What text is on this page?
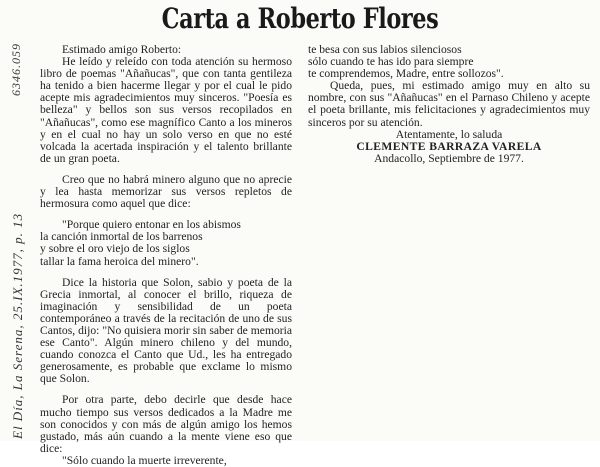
Carta a Roberto Flores
El Día, La Serena, 25.IX.1977, p. 13
6346.059	Estimado amigo Roberto:

He leído y releído con toda atención su hermoso libro de poemas "Añañucas", que con tanta gentileza ha tenido a bien hacerme llegar y por el cual le pido acepte mis agradecimientos muy sinceros. "Poesía es belleza" y bellos son sus versos recopilados en "Añañucas", como ese magnífico Canto a los mineros y en el cual no hay un solo verso en que no esté volcada la acertada inspiración y el talento brillante de un gran poeta.

Creo que no habrá minero alguno que no aprecie y lea hasta memorizar sus versos repletos de hermosura como aquel que dice:

"Porque quiero entonar en los abismos

la canción inmortal de los barrenos

y sobre el oro viejo de los siglos

tallar la fama heroica del minero".

Dice la historia que Solon, sabio y poeta de la Grecia inmortal, al conocer el brillo, riqueza de imaginación y sensibilidad de un poeta contemporáneo a través de la recitación de uno de sus Cantos, dijo: "No quisiera morir sin saber de memoria ese Canto". Algún minero chileno y del mundo, cuando conozca el Canto que Ud., les ha entregado generosamente, es probable que exclame lo mismo que Solon.

Por otra parte, debo decirle que desde hace mucho tiempo sus versos dedicados a la Madre me son conocidos y con más de algún amigo los hemos gustado, más aún cuando a la mente viene eso que dice:

"Sólo cuando la muerte irreverente,

te besa con sus labios silenciosos

sólo cuando te has ido para siempre

te comprendemos, Madre, entre sollozos".

Queda, pues, mi estimado amigo muy en alto su nombre, con sus "Añañucas" en el Parnaso Chileno y acepte el poeta brillante, mis felicitaciones y agradecimientos muy sinceros por su atención.

Atentamente, lo saluda

CLEMENTE BARRAZA VARELA

Andacollo, Septiembre de 1977.
